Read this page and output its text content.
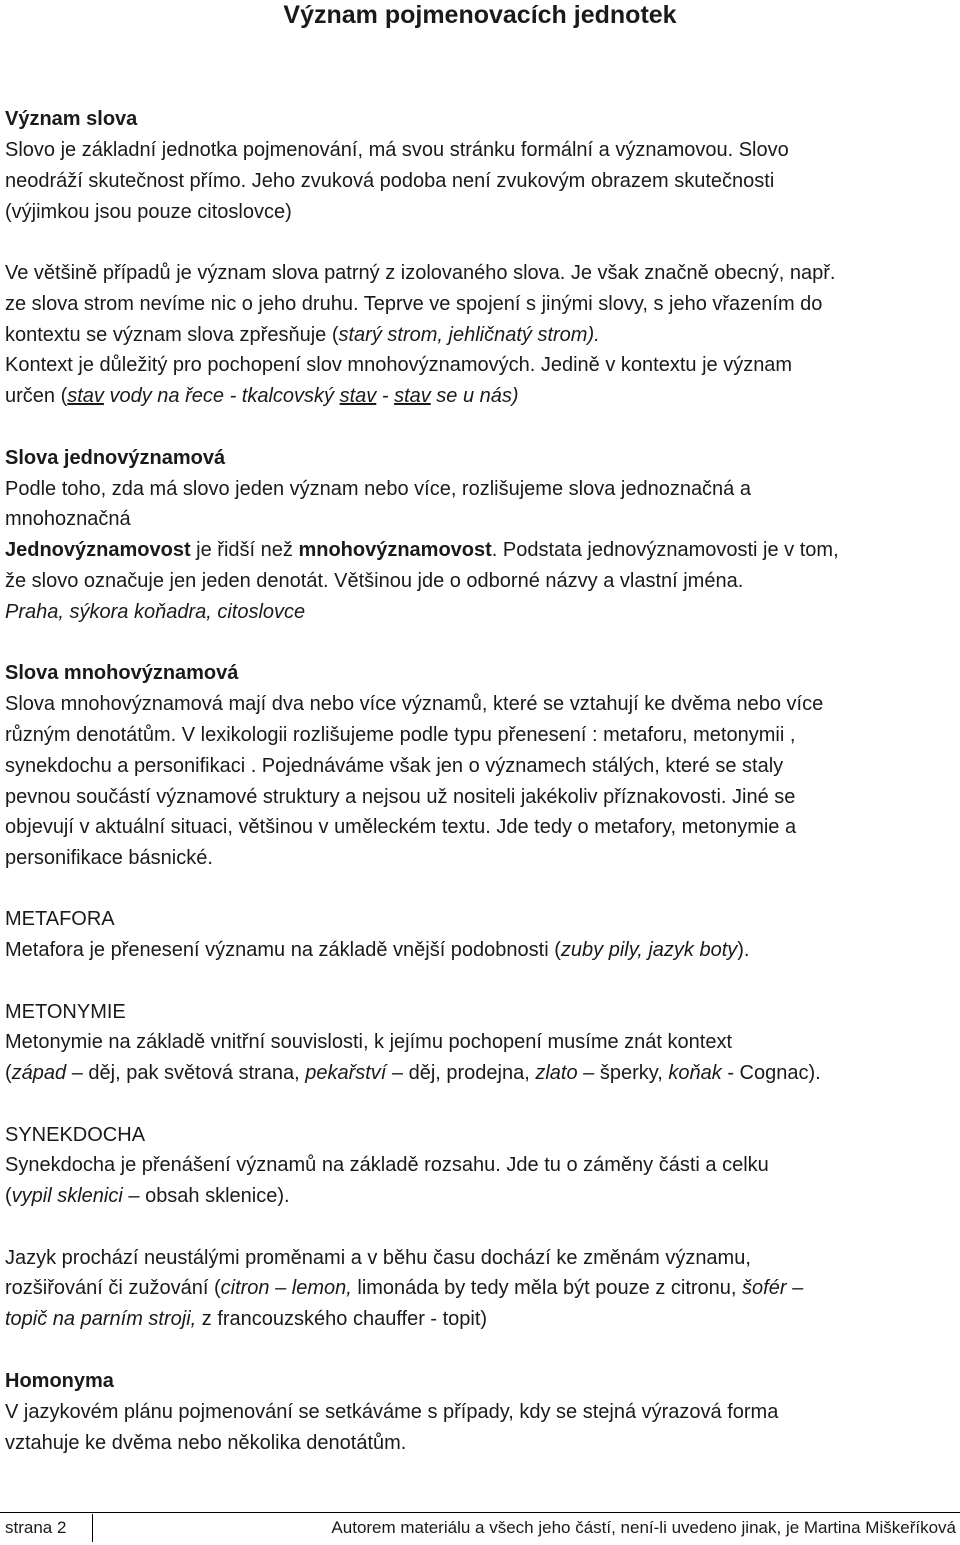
Význam pojmenovacích jednotek
Význam slova
Slovo je základní jednotka pojmenování, má svou stránku formální a významovou. Slovo
neodráží skutečnost přímo. Jeho zvuková podoba není zvukovým obrazem skutečnosti
(výjimkou jsou pouze citoslovce)
Ve většině případů je význam slova patrný z izolovaného slova. Je však značně obecný, např.
ze slova strom nevíme nic o jeho druhu. Teprve ve spojení s jinými slovy, s jeho vřazením do
kontextu se význam slova zpřesňuje (starý strom, jehličnatý strom).
Kontext je důležitý pro pochopení slov mnohovýznamových. Jedině v kontextu je význam
určen (stav vody na řece - tkalcovský stav - stav se u nás)
Slova jednovýznamová
Podle toho, zda má slovo jeden význam nebo více, rozlišujeme slova jednoznačná a
mnohoznačná
Jednovýznamovost je řidší než mnohovýznamovost. Podstata jednovýznamovosti je v tom,
že slovo označuje jen jeden denotát. Většinou jde o odborné názvy a vlastní jména.
Praha, sýkora koňadra, citoslovce
Slova mnohovýznamová
Slova mnohovýznamová mají dva nebo více významů, které se vztahují ke dvěma nebo více
různým denotátům. V lexikologii rozlišujeme podle typu přenesení : metaforu, metonymii ,
synekdochu a personifikaci . Pojednáváme však jen o významech stálých, které se staly
pevnou součástí významové struktury a nejsou už nositeli jakékoliv příznakovosti. Jiné se
objevují v aktuální situaci, většinou v uměleckém textu. Jde tedy o metafory, metonymie a
personifikace básnické.
METAFORA
Metafora je přenesení významu na základě vnější podobnosti (zuby pily, jazyk boty).
METONYMIE
Metonymie na základě vnitřní souvislosti, k jejímu pochopení musíme znát kontext
(západ – děj, pak světová strana, pekařství – děj, prodejna, zlato – šperky, koňak - Cognac).
SYNEKDOCHA
Synekdocha je přenášení významů na základě rozsahu. Jde tu o záměny části a celku
(vypil sklenici – obsah sklenice).
Jazyk prochází neustálými proměnami a v běhu času dochází ke změnám významu,
rozšiřování či zužování (citron – lemon, limonáda by tedy měla být pouze z citronu, šofér –
topič na parním stroji, z francouzského chauffer - topit)
Homonyma
V jazykovém plánu pojmenování se setkáváme s případy, kdy se stejná výrazová forma
vztahuje ke dvěma nebo několika denotátům.
strana 2	Autorem materiálu a všech jeho částí, není-li uvedeno jinak, je Martina Miškeříková
